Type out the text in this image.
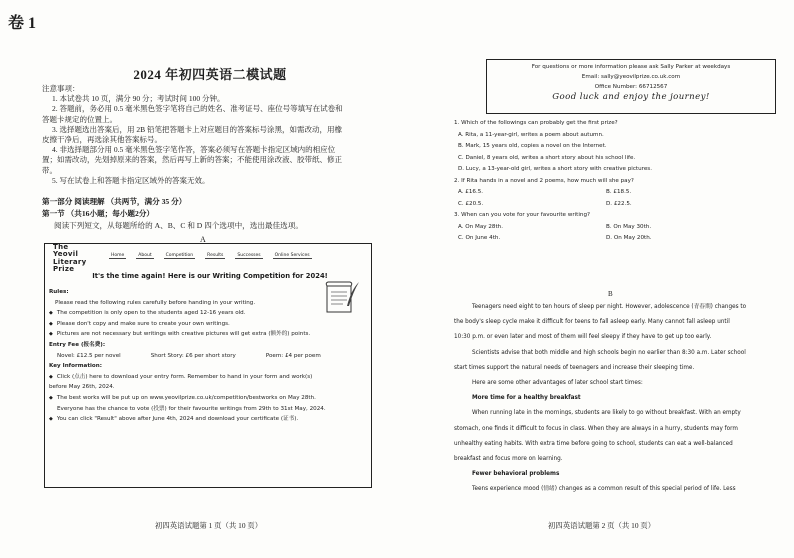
卷 1
2024 年初四英语二模试题

注意事项：

1. 本试卷共 10 页，满分 90 分；考试时间 100 分钟。

2. 答题前，务必用 0.5 毫米黑色签字笔将自己的姓名、准考证号、座位号等填写在试卷和

答题卡规定的位置上。

3. 选择题选出答案后，用 2B 铅笔把答题卡上对应题目的答案标号涂黑，如需改动，用橡

皮擦干净后，再选涂其他答案标号。

4. 非选择题部分用 0.5 毫米黑色签字笔作答，答案必须写在答题卡指定区域内的相应位

置；如需改动，先划掉原来的答案，然后再写上新的答案；不能使用涂改液、胶带纸、修正

带。

5. 写在试卷上和答题卡指定区域外的答案无效。

第一部分 阅读理解 （共两节，满分 35 分）
第一节 （共16小题；每小题2分）
阅读下列短文，从每题所给的 A、B、C 和 D 四个选项中，选出最佳选项。
A
The
Yeovil
Literary
Prize
Home	About	Competition	Results	Successes	Online Services
It's the time again! Here is our Writing Competition for 2024!
Rules:
Please read the following rules carefully before handing in your writing.
◆ The competition is only open to the students aged 12-16 years old.
◆ Please don't copy and make sure to create your own writings.
◆ Pictures are not necessary but writings with creative pictures will get extra (额外的) points.
Entry Fee (报名费):
Novel: £12.5 per novel	Short Story: £6 per short story	Poem: £4 per poem
Key Information:
◆ Click (点击) here to download your entry form. Remember to hand in your form and work(s)
before May 26th, 2024.
◆ The best works will be put up on www.yeovilprize.co.uk/competition/bestworks on May 28th.
Everyone has the chance to vote (投票) for their favourite writings from 29th to 31st May, 2024.
◆ You can click "Result" above after June 4th, 2024 and download your certificate (证书).
初四英语试题第 1 页（共 10 页）
For questions or more information please ask Sally Parker at weekdays
Email: sally@yeovilprize.co.uk.com
Office Number: 66712567
Good luck and enjoy the journey!
1. Which of the followings can probably get the first prize?
A. Rita, a 11-year-girl, writes a poem about autumn.
B. Mark, 15 years old, copies a novel on the Internet.
C. Daniel, 8 years old, writes a short story about his school life.
D. Lucy, a 13-year-old girl, writes a short story with creative pictures.
2. If Rita hands in a novel and 2 poems, how much will she pay?
A. £16.5.	B. £18.5.
C. £20.5.	D. £22.5.
3. When can you vote for your favourite writing?
A. On May 28th.	B. On May 30th.
C. On June 4th.	D. On May 20th.
B
Teenagers need eight to ten hours of sleep per night. However, adolescence (青春期) changes to
the body's sleep cycle make it difficult for teens to fall asleep early. Many cannot fall asleep until
10:30 p.m. or even later and most of them will feel sleepy if they have to get up too early.
Scientists advise that both middle and high schools begin no earlier than 8:30 a.m. Later school
start times support the natural needs of teenagers and increase their sleeping time.
Here are some other advantages of later school start times:
More time for a healthy breakfast
When running late in the mornings, students are likely to go without breakfast. With an empty
stomach, one finds it difficult to focus in class. When they are always in a hurry, students may form
unhealthy eating habits. With extra time before going to school, students can eat a well-balanced
breakfast and focus more on learning.
Fewer behavioral problems
Teens experience mood (情绪) changes as a common result of this special period of life. Less
初四英语试题第 2 页（共 10 页）
